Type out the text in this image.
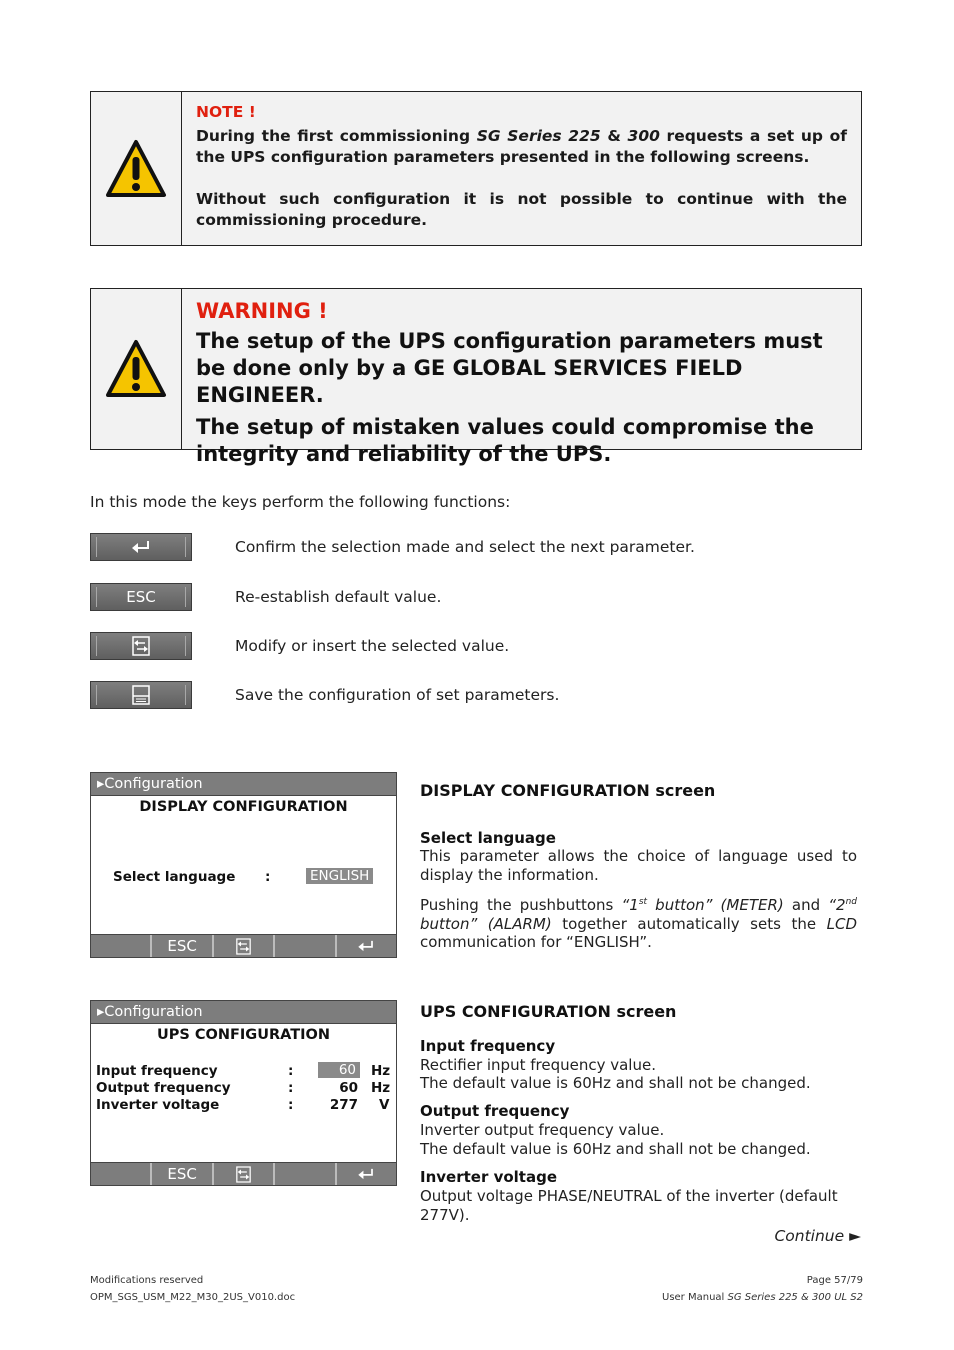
NOTE !
During the first commissioning SG Series 225 & 300 requests a set up of the UPS configuration parameters presented in the following screens.
Without such configuration it is not possible to continue with the commissioning procedure.
WARNING !
The setup of the UPS configuration parameters must be done only by a GE GLOBAL SERVICES FIELD ENGINEER.
The setup of mistaken values could compromise the integrity and reliability of the UPS.
In this mode the keys perform the following functions:
Confirm the selection made and select the next parameter.
ESC	Re-establish default value.
Modify or insert the selected value.
Save the configuration of set parameters.
▸Configuration
DISPLAY CONFIGURATION
Select language :	ENGLISH
ESC
DISPLAY CONFIGURATION screen
Select language
This parameter allows the choice of language used to display the information.
Pushing the pushbuttons “1st button” (METER) and “2nd button” (ALARM) together automatically sets the LCD communication for “ENGLISH”.
▸Configuration
UPS CONFIGURATION
Input frequency	:	60	Hz
Output frequency	:	60 Hz
Inverter voltage	:	277 V
ESC
UPS CONFIGURATION screen
Input frequency
Rectifier input frequency value.
The default value is 60Hz and shall not be changed.
Output frequency
Inverter output frequency value.
The default value is 60Hz and shall not be changed.
Inverter voltage
Output voltage PHASE/NEUTRAL of the inverter (default 277V).
Continue ►
Modifications reserved
OPM_SGS_USM_M22_M30_2US_V010.doc
Page 57/79
User Manual SG Series 225 & 300 UL S2
